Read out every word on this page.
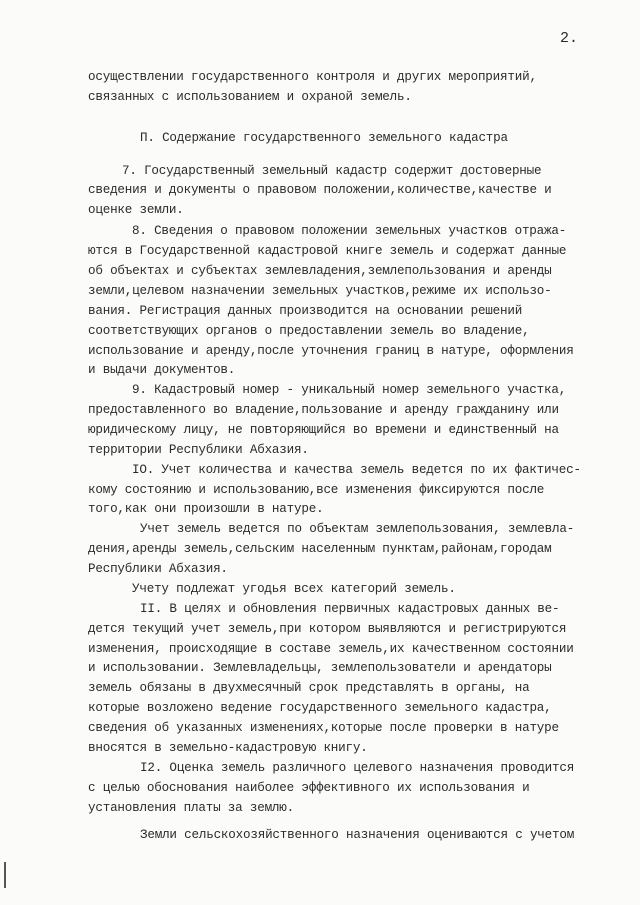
2.
осуществлении государственного контроля и других мероприятий,
связанных с использованием и охраной земель.
П. Содержание государственного земельного кадастра
7. Государственный земельный кадастр содержит достоверные
сведения и документы о правовом положении,количестве,качестве и
оценке земли.
8. Сведения о правовом положении земельных участков отража-
ются в Государственной кадастровой книге земель и содержат данные
об объектах и субъектах землевладения,землепользования и аренды
земли,целевом назначении земельных участков,режиме их использо-
вания. Регистрация данных производится на основании решений
соответствующих органов о предоставлении земель во владение,
использование и аренду,после уточнения границ в натуре, оформления
и выдачи документов.
9. Кадастровый номер - уникальный номер земельного участка,
предоставленного во владение,пользование и аренду гражданину или
юридическому лицу, не повторяющийся во времени и единственный на
территории Республики Абхазия.
IO. Учет количества и качества земель ведется по их фактичес-
кому состоянию и использованию,все изменения фиксируются после
того,как они произошли в натуре.
Учет земель ведется по объектам землепользования, землевла-
дения,аренды земель,сельским населенным пунктам,районам,городам
Республики Абхазия.
Учету подлежат угодья всех категорий земель.
II. В целях и обновления первичных кадастровых данных ве-
дется текущий учет земель,при котором выявляются и регистрируются
изменения, происходящие в составе земель,их качественном состоянии
и использовании. Землевладельцы, землепользователи и арендаторы
земель обязаны в двухмесячный срок представлять в органы, на
которые возложено ведение государственного земельного кадастра,
сведения об указанных изменениях,которые после проверки в натуре
вносятся в земельно-кадастровую книгу.
I2. Оценка земель различного целевого назначения проводится
с целью обоснования наиболее эффективного их использования и
установления платы за землю.
Земли сельскохозяйственного назначения оцениваются с учетом
